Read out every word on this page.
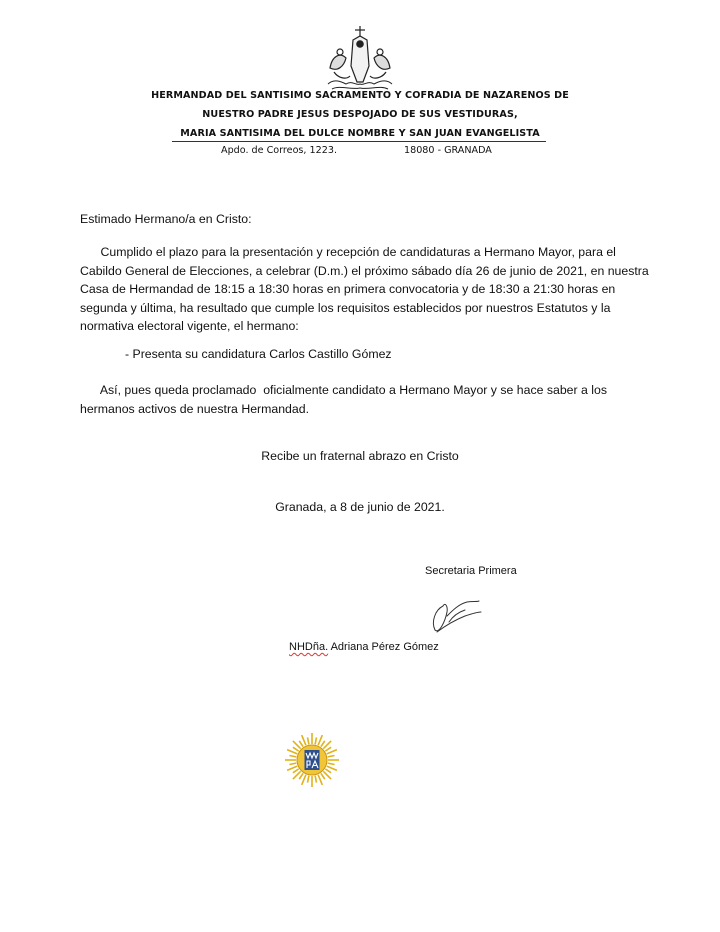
HERMANDAD DEL SANTISIMO SACRAMENTO Y COFRADIA DE NAZARENOS DE
NUESTRO PADRE JESUS DESPOJADO DE SUS VESTIDURAS,
MARIA SANTISIMA DEL DULCE NOMBRE Y SAN JUAN EVANGELISTA
Apdo. de Correos, 1223.	18080 - GRANADA
Estimado Hermano/a en Cristo:
Cumplido el plazo para la presentación y recepción de candidaturas a Hermano Mayor, para el
Cabildo General de Elecciones, a celebrar (D.m.) el próximo sábado día 26 de junio de 2021, en nuestra
Casa de Hermandad de 18:15 a 18:30 horas en primera convocatoria y de 18:30 a 21:30 horas en
segunda y última, ha resultado que cumple los requisitos establecidos por nuestros Estatutos y la
normativa electoral vigente, el hermano:
- Presenta su candidatura Carlos Castillo Gómez
Así, pues queda proclamado  oficialmente candidato a Hermano Mayor y se hace saber a los
hermanos activos de nuestra Hermandad.
Recibe un fraternal abrazo en Cristo
Granada, a 8 de junio de 2021.
Secretaria Primera
NHDña. Adriana Pérez Gómez
